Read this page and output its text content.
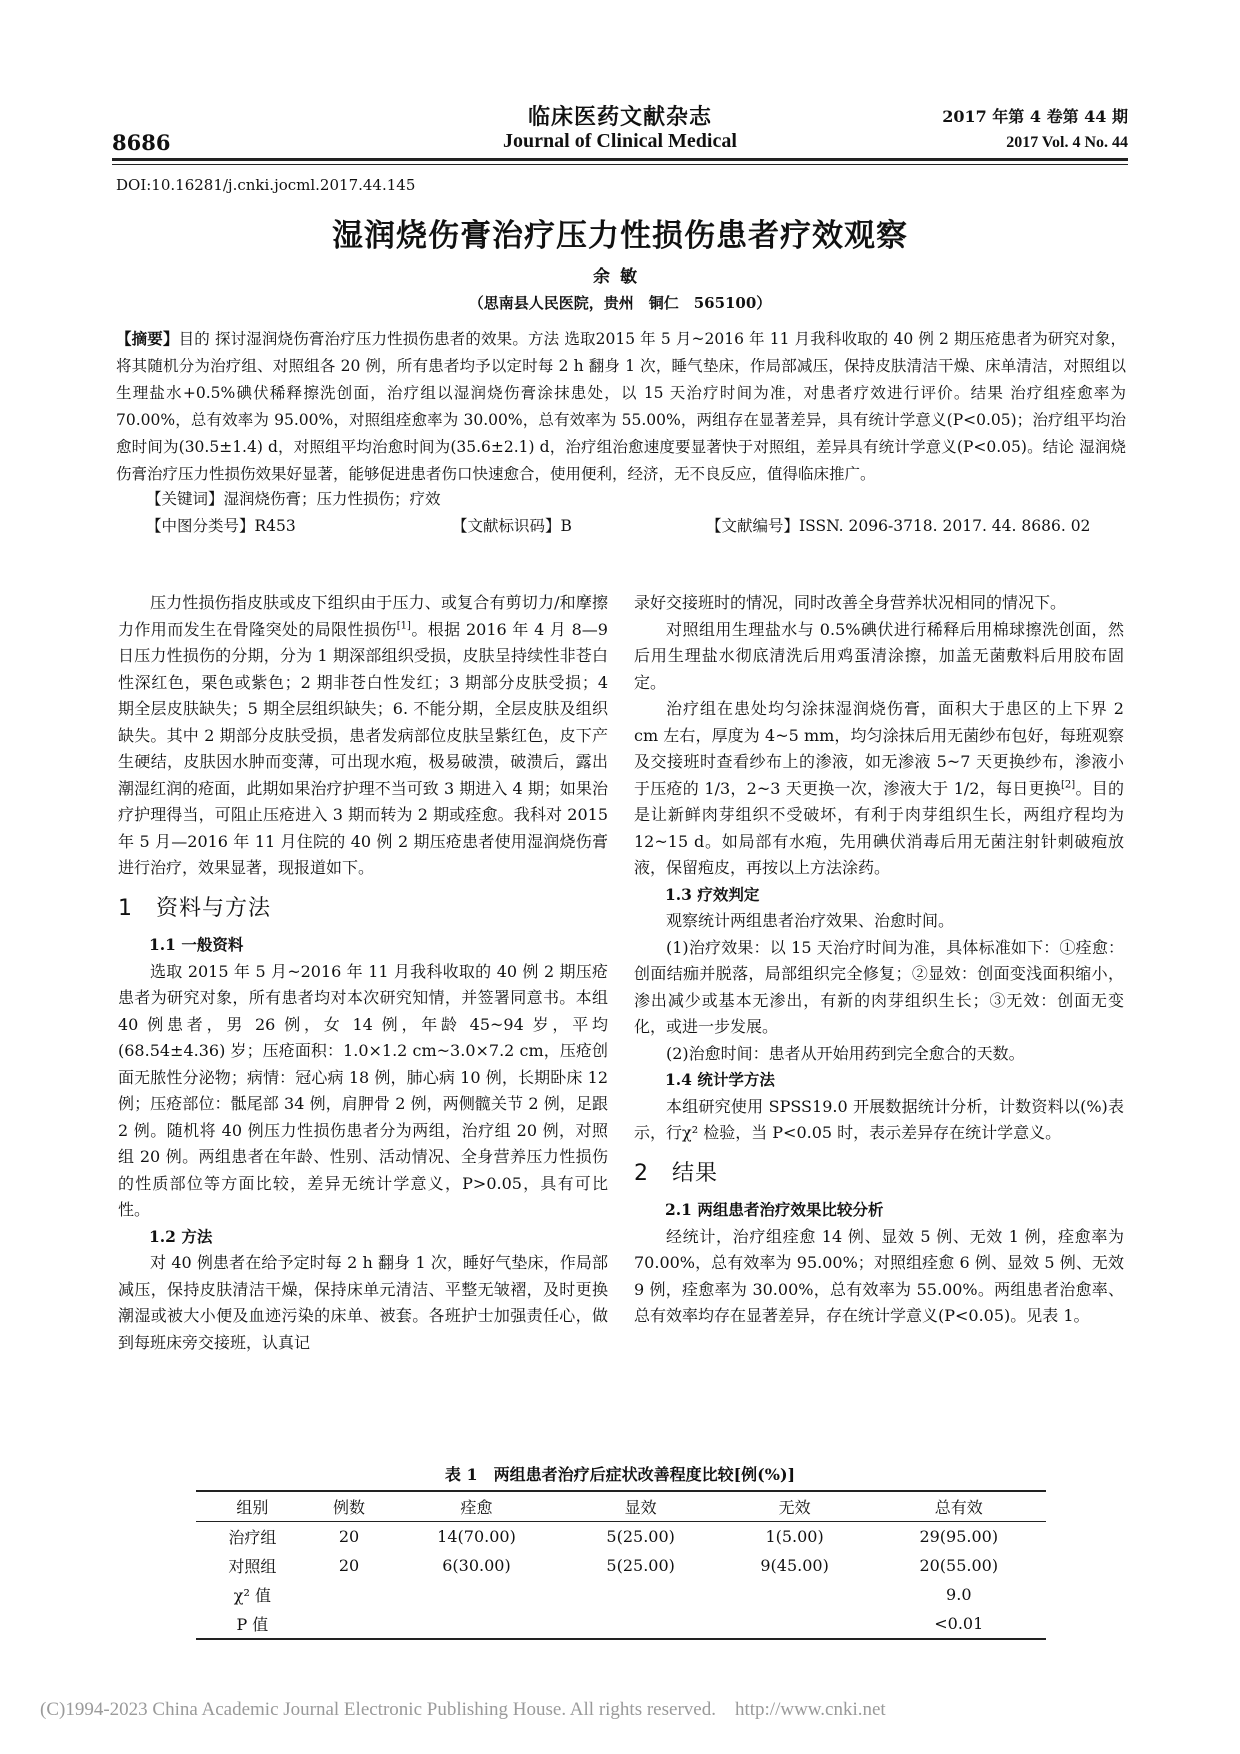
临床医药文献杂志
Journal of Clinical Medical
8686
2017 年第 4 卷第 44 期
2017 Vol. 4 No. 44
DOI:10.16281/j.cnki.jocml.2017.44.145
湿润烧伤膏治疗压力性损伤患者疗效观察
余敏
（思南县人民医院，贵州　铜仁　565100）
【摘要】目的 探讨湿润烧伤膏治疗压力性损伤患者的效果。方法 选取2015 年 5 月~2016 年 11 月我科收取的 40 例 2 期压疮患者为研究对象，将其随机分为治疗组、对照组各 20 例，所有患者均予以定时每 2 h 翻身 1 次，睡气垫床，作局部减压，保持皮肤清洁干燥、床单清洁，对照组以生理盐水+0.5%碘伏稀释擦洗创面，治疗组以湿润烧伤膏涂抹患处，以 15 天治疗时间为准，对患者疗效进行评价。结果 治疗组痊愈率为 70.00%，总有效率为 95.00%，对照组痊愈率为 30.00%，总有效率为 55.00%，两组存在显著差异，具有统计学意义(P<0.05)；治疗组平均治愈时间为(30.5±1.4) d，对照组平均治愈时间为(35.6±2.1) d，治疗组治愈速度要显著快于对照组，差异具有统计学意义(P<0.05)。结论 湿润烧伤膏治疗压力性损伤效果好显著，能够促进患者伤口快速愈合，使用便利，经济，无不良反应，值得临床推广。
【关键词】湿润烧伤膏；压力性损伤；疗效
【中图分类号】R453	【文献标识码】B	【文献编号】ISSN. 2096-3718. 2017. 44. 8686. 02

压力性损伤指皮肤或皮下组织由于压力、或复合有剪切力/和摩擦力作用而发生在骨隆突处的局限性损伤[1]。根据 2016 年 4 月 8—9 日压力性损伤的分期，分为 1 期深部组织受损，皮肤呈持续性非苍白性深红色，栗色或紫色；2 期非苍白性发红；3 期部分皮肤受损；4 期全层皮肤缺失；5 期全层组织缺失；6. 不能分期，全层皮肤及组织缺失。其中 2 期部分皮肤受损，患者发病部位皮肤呈紫红色，皮下产生硬结，皮肤因水肿而变薄，可出现水疱，极易破溃，破溃后，露出潮湿红润的疮面，此期如果治疗护理不当可致 3 期进入 4 期；如果治疗护理得当，可阻止压疮进入 3 期而转为 2 期或痊愈。我科对 2015 年 5 月—2016 年 11 月住院的 40 例 2 期压疮患者使用湿润烧伤膏进行治疗，效果显著，现报道如下。

1　资料与方法
1.1 一般资料

选取 2015 年 5 月~2016 年 11 月我科收取的 40 例 2 期压疮患者为研究对象，所有患者均对本次研究知情，并签署同意书。本组 40 例患者，男 26 例，女 14 例，年龄 45~94 岁，平均(68.54±4.36) 岁；压疮面积：1.0×1.2 cm~3.0×7.2 cm，压疮创面无脓性分泌物；病情：冠心病 18 例，肺心病 10 例，长期卧床 12 例；压疮部位：骶尾部 34 例，肩胛骨 2 例，两侧髋关节 2 例，足跟 2 例。随机将 40 例压力性损伤患者分为两组，治疗组 20 例，对照组 20 例。两组患者在年龄、性别、活动情况、全身营养压力性损伤的性质部位等方面比较，差异无统计学意义，P>0.05，具有可比性。

1.2 方法

对 40 例患者在给予定时每 2 h 翻身 1 次，睡好气垫床，作局部减压，保持皮肤清洁干燥，保持床单元清洁、平整无皱褶，及时更换潮湿或被大小便及血迹污染的床单、被套。各班护士加强责任心，做到每班床旁交接班，认真记

录好交接班时的情况，同时改善全身营养状况相同的情况下。

对照组用生理盐水与 0.5%碘伏进行稀释后用棉球擦洗创面，然后用生理盐水彻底清洗后用鸡蛋清涂擦，加盖无菌敷料后用胶布固定。

治疗组在患处均匀涂抹湿润烧伤膏，面积大于患区的上下界 2 cm 左右，厚度为 4~5 mm，均匀涂抹后用无菌纱布包好，每班观察及交接班时查看纱布上的渗液，如无渗液 5~7 天更换纱布，渗液小于压疮的 1/3，2~3 天更换一次，渗液大于 1/2，每日更换[2]。目的是让新鲜肉芽组织不受破坏，有利于肉芽组织生长，两组疗程均为 12~15 d。如局部有水疱，先用碘伏消毒后用无菌注射针刺破疱放液，保留疱皮，再按以上方法涂药。

1.3 疗效判定

观察统计两组患者治疗效果、治愈时间。

(1)治疗效果：以 15 天治疗时间为准，具体标准如下：①痊愈：创面结痂并脱落，局部组织完全修复；②显效：创面变浅面积缩小，渗出减少或基本无渗出，有新的肉芽组织生长；③无效：创面无变化，或进一步发展。

(2)治愈时间：患者从开始用药到完全愈合的天数。

1.4 统计学方法

本组研究使用 SPSS19.0 开展数据统计分析，计数资料以(%)表示，行χ² 检验，当 P<0.05 时，表示差异存在统计学意义。

2　结果
2.1 两组患者治疗效果比较分析

经统计，治疗组痊愈 14 例、显效 5 例、无效 1 例，痊愈率为 70.00%，总有效率为 95.00%；对照组痊愈 6 例、显效 5 例、无效 9 例，痊愈率为 30.00%，总有效率为 55.00%。两组患者治愈率、总有效率均存在显著差异，存在统计学意义(P<0.05)。见表 1。

表 1　两组患者治疗后症状改善程度比较[例(%)]
组别	例数	痊愈	显效	无效	总有效
治疗组	20	14(70.00)	5(25.00)	1(5.00)	29(95.00)
对照组	20	6(30.00)	5(25.00)	9(45.00)	20(55.00)
χ² 值					9.0
P 值					<0.01
(C)1994-2023 China Academic Journal Electronic Publishing House. All rights reserved.　http://www.cnki.net
